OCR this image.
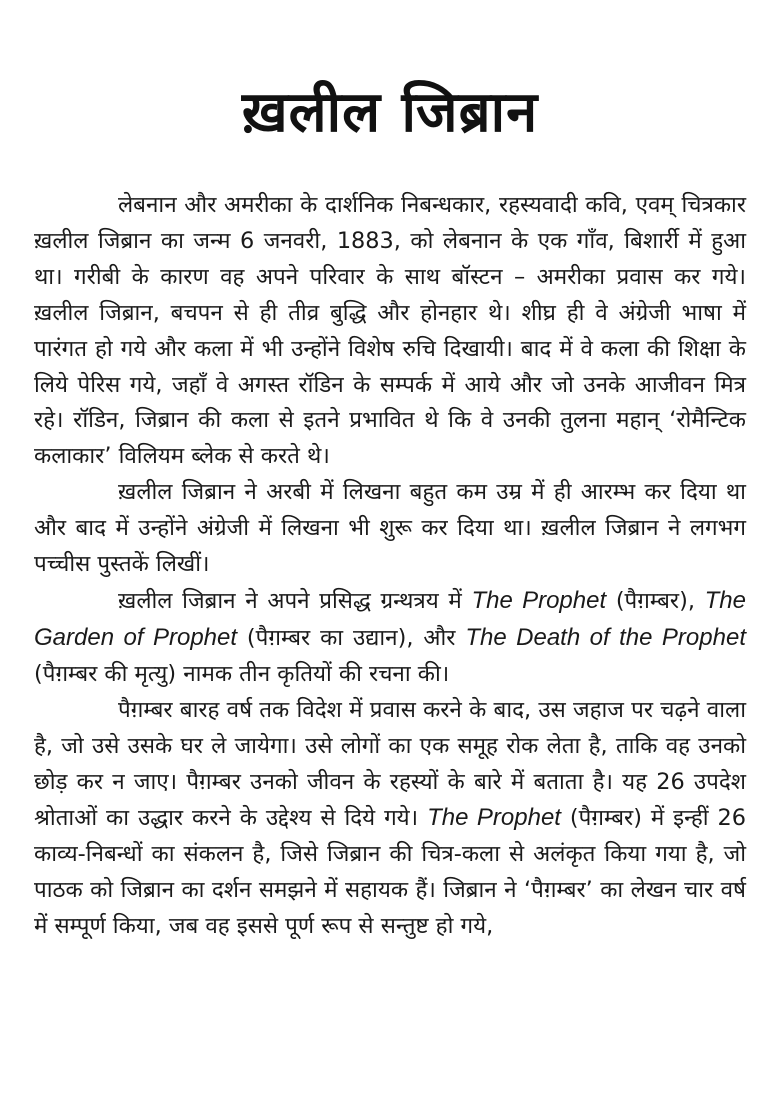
ख़लील जिब्रान

लेबनान और अमरीका के दार्शनिक निबन्धकार, रहस्यवादी कवि, एवम् चित्रकार ख़लील जिब्रान का जन्म 6 जनवरी, 1883, को लेबनान के एक गाँव, बिशार्री में हुआ था। गरीबी के कारण वह अपने परिवार के साथ बॉस्टन – अमरीका प्रवास कर गये। ख़लील जिब्रान, बचपन से ही तीव्र बुद्धि और होनहार थे। शीघ्र ही वे अंग्रेजी भाषा में पारंगत हो गये और कला में भी उन्होंने विशेष रुचि दिखायी। बाद में वे कला की शिक्षा के लिये पेरिस गये, जहाँ वे अगस्त रॉडिन के सम्पर्क में आये और जो उनके आजीवन मित्र रहे। रॉडिन, जिब्रान की कला से इतने प्रभावित थे कि वे उनकी तुलना महान् ‘रोमैन्टिक कलाकार’ विलियम ब्लेक से करते थे।

ख़लील जिब्रान ने अरबी में लिखना बहुत कम उम्र में ही आरम्भ कर दिया था और बाद में उन्होंने अंग्रेजी में लिखना भी शुरू कर दिया था। ख़लील जिब्रान ने लगभग पच्चीस पुस्तकें लिखीं।

ख़लील जिब्रान ने अपने प्रसिद्ध ग्रन्थत्रय में The Prophet (पैग़म्बर), The Garden of Prophet (पैग़म्बर का उद्यान), और The Death of the Prophet (पैग़म्बर की मृत्यु) नामक तीन कृतियों की रचना की।

पैग़म्बर बारह वर्ष तक विदेश में प्रवास करने के बाद, उस जहाज पर चढ़ने वाला है, जो उसे उसके घर ले जायेगा। उसे लोगों का एक समूह रोक लेता है, ताकि वह उनको छोड़ कर न जाए। पैग़म्बर उनको जीवन के रहस्यों के बारे में बताता है। यह 26 उपदेश श्रोताओं का उद्धार करने के उद्देश्य से दिये गये। The Prophet (पैग़म्बर) में इन्हीं 26 काव्य-निबन्धों का संकलन है, जिसे जिब्रान की चित्र-कला से अलंकृत किया गया है, जो पाठक को जिब्रान का दर्शन समझने में सहायक हैं। जिब्रान ने ‘पैग़म्बर’ का लेखन चार वर्ष में सम्पूर्ण किया, जब वह इससे पूर्ण रूप से सन्तुष्ट हो गये,
